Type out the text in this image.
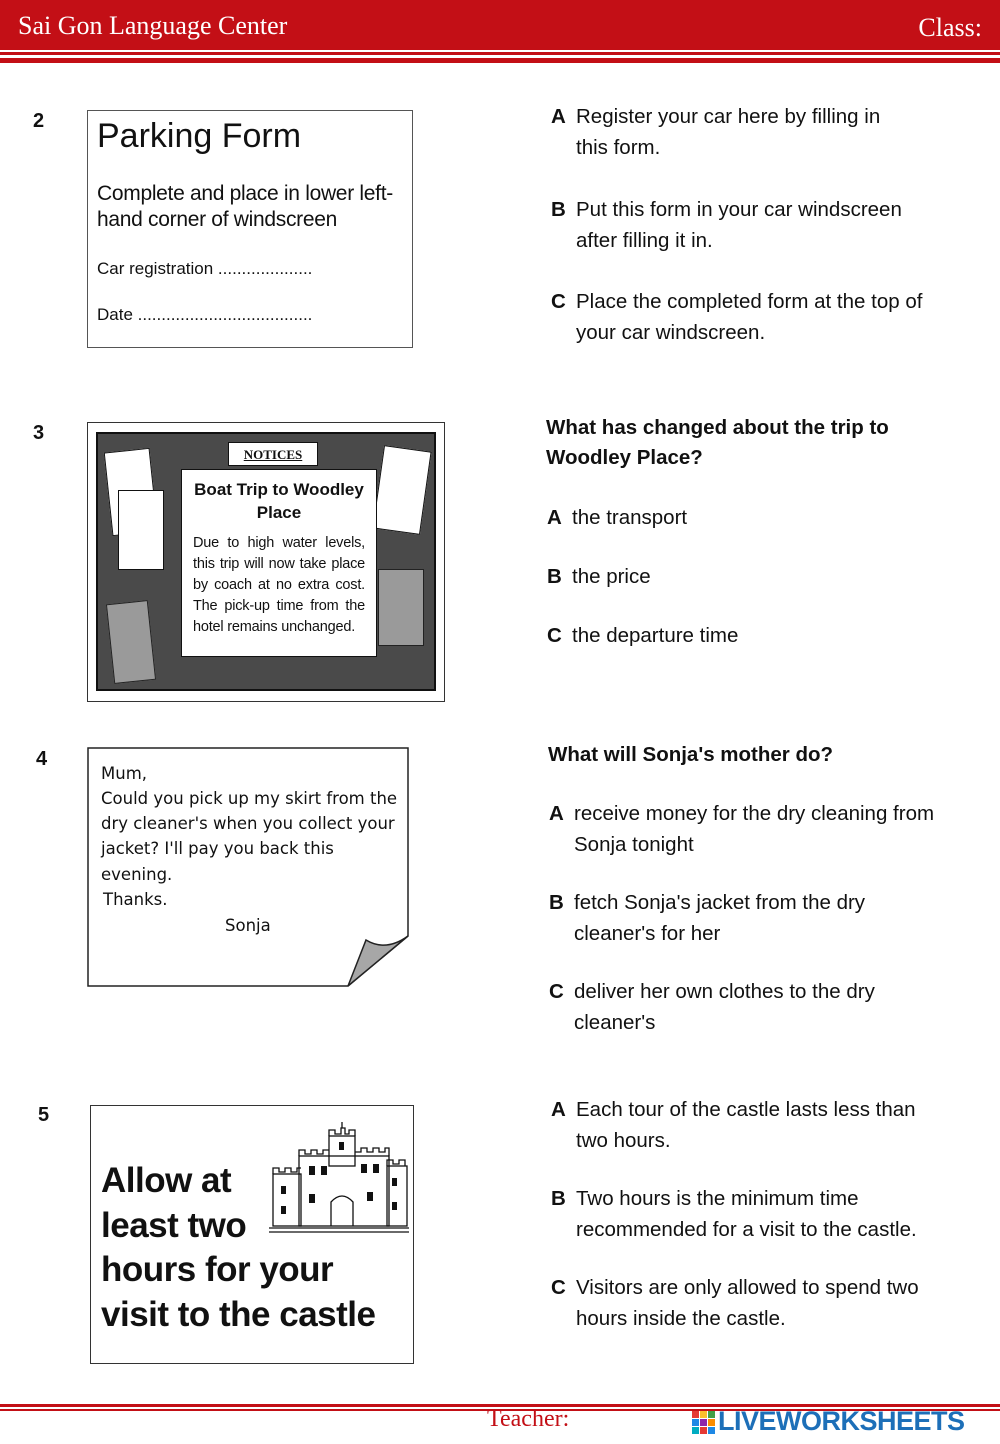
Sai Gon Language Center	Class:
2 Parking Form
Complete and place in lower left-hand corner of windscreen
Car registration ....................
Date .....................................
A Register your car here by filling in this form.
B Put this form in your car windscreen after filling it in.
C Place the completed form at the top of your car windscreen.
3
NOTICES
Boat Trip to Woodley Place
Due to high water levels, this trip will now take place by coach at no extra cost. The pick-up time from the hotel remains unchanged.
What has changed about the trip to Woodley Place?
A the transport
B the price
C the departure time
4
Mum,
Could you pick up my skirt from the
dry cleaner's when you collect your
jacket? I'll pay you back this
evening.
Thanks.
Sonja
What will Sonja's mother do?
A receive money for the dry cleaning from Sonja tonight
B fetch Sonja's jacket from the dry cleaner's for her
C deliver her own clothes to the dry cleaner's
5
Allow at
least two
hours for your
visit to the castle
A Each tour of the castle lasts less than two hours.
B Two hours is the minimum time recommended for a visit to the castle.
C Visitors are only allowed to spend two hours inside the castle.
Teacher:	LIVEWORKSHEETS
